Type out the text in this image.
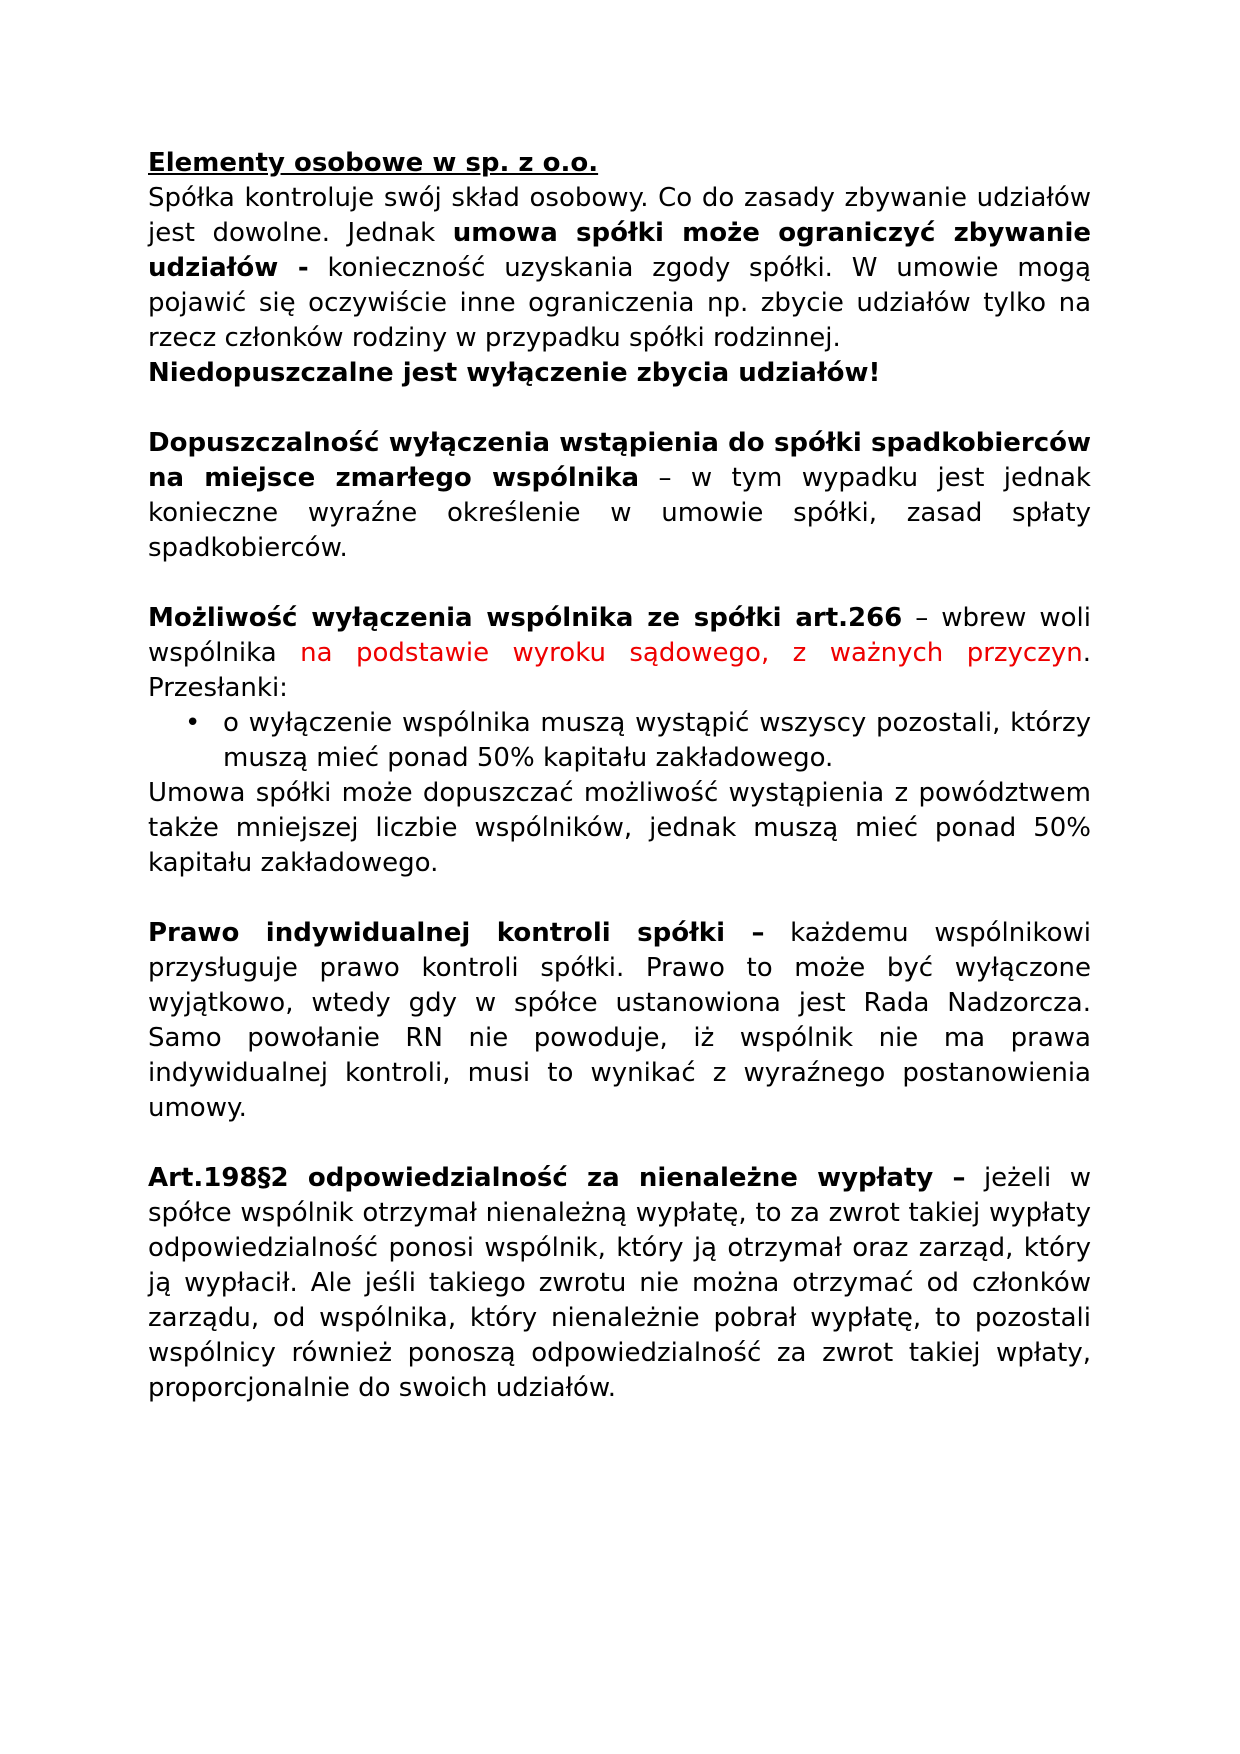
Elementy osobowe w sp. z o.o.

Spółka kontroluje swój skład osobowy. Co do zasady zbywanie udziałów jest dowolne. Jednak umowa spółki może ograniczyć zbywanie udziałów - konieczność uzyskania zgody spółki. W umowie mogą pojawić się oczywiście inne ograniczenia np. zbycie udziałów tylko na rzecz członków rodziny w przypadku spółki rodzinnej.

Niedopuszczalne jest wyłączenie zbycia udziałów!

Dopuszczalność wyłączenia wstąpienia do spółki spadkobierców na miejsce zmarłego wspólnika – w tym wypadku jest jednak konieczne wyraźne określenie w umowie spółki, zasad spłaty spadkobierców.

Możliwość wyłączenia wspólnika ze spółki art.266 – wbrew woli wspólnika na podstawie wyroku sądowego, z ważnych przyczyn. Przesłanki:

• o wyłączenie wspólnika muszą wystąpić wszyscy pozostali, którzy muszą mieć ponad 50% kapitału zakładowego.

Umowa spółki może dopuszczać możliwość wystąpienia z powództwem także mniejszej liczbie wspólników, jednak muszą mieć ponad 50% kapitału zakładowego.

Prawo indywidualnej kontroli spółki – każdemu wspólnikowi przysługuje prawo kontroli spółki. Prawo to może być wyłączone wyjątkowo, wtedy gdy w spółce ustanowiona jest Rada Nadzorcza. Samo powołanie RN nie powoduje, iż wspólnik nie ma prawa indywidualnej kontroli, musi to wynikać z wyraźnego postanowienia umowy.

Art.198§2 odpowiedzialność za nienależne wypłaty – jeżeli w spółce wspólnik otrzymał nienależną wypłatę, to za zwrot takiej wypłaty odpowiedzialność ponosi wspólnik, który ją otrzymał oraz zarząd, który ją wypłacił. Ale jeśli takiego zwrotu nie można otrzymać od członków zarządu, od wspólnika, który nienależnie pobrał wypłatę, to pozostali wspólnicy również ponoszą odpowiedzialność za zwrot takiej wpłaty, proporcjonalnie do swoich udziałów.
